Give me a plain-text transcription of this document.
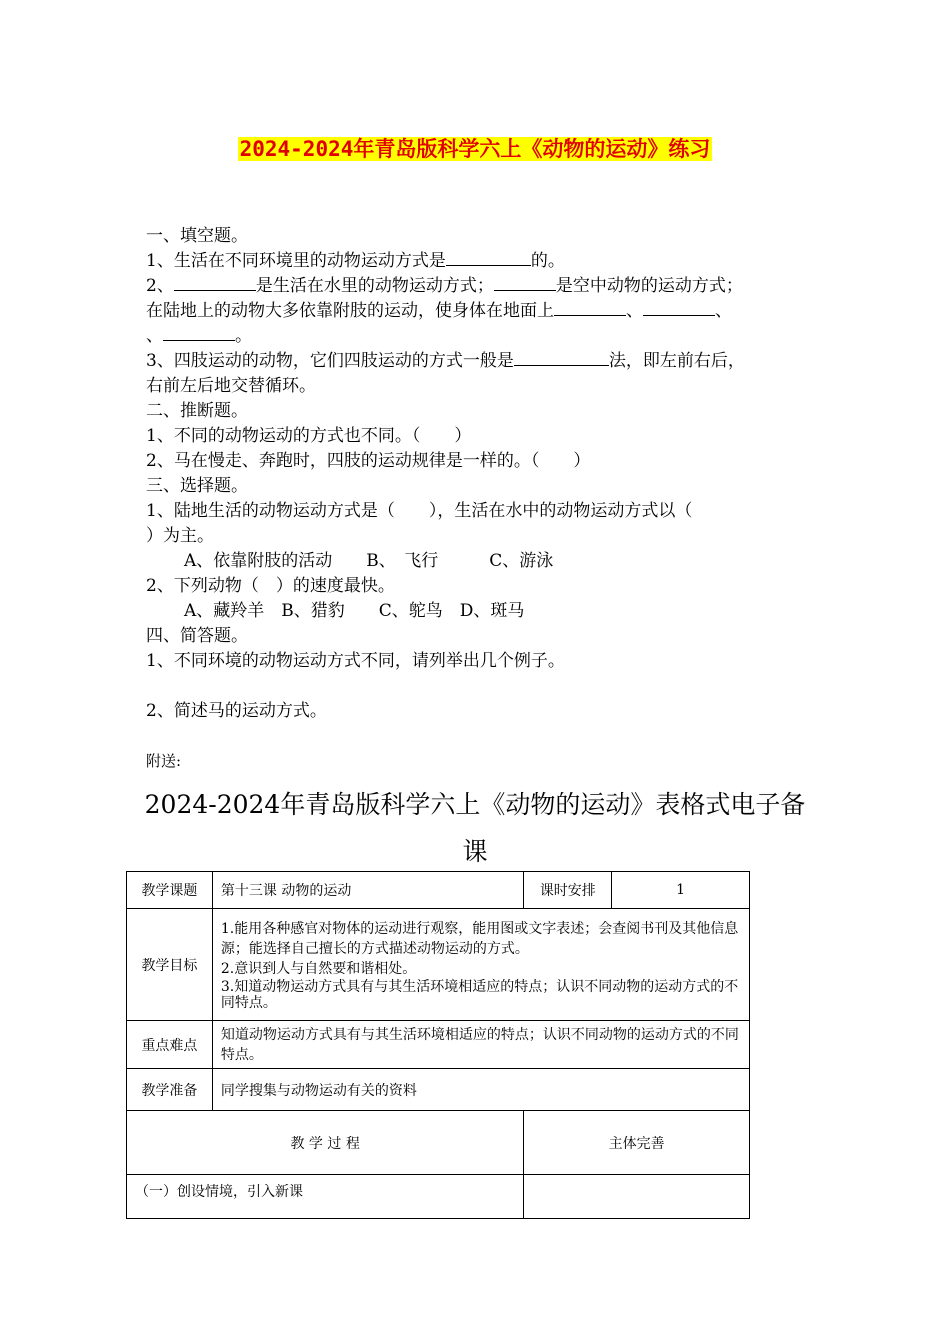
2024-2024年青岛版科学六上《动物的运动》练习
一、填空题。
1、生活在不同环境里的动物运动方式是	的。
2、	是生活在水里的动物运动方式；	是空中动物的运动方式；
在陆地上的动物大多依靠附肢的运动，使身体在地面上	、	、
、	。
3、四肢运动的动物，它们四肢运动的方式一般是	法，即左前右后，
右前左后地交替循环。
二、推断题。
1、不同的动物运动的方式也不同。（　　）
2、马在慢走、奔跑时，四肢的运动规律是一样的。（　　）
三、选择题。
1、陆地生活的动物运动方式是（　　），生活在水中的动物运动方式以（
）为主。
A、依靠附肢的活动　　B、　飞行　　　C、游泳
2、下列动物（　）的速度最快。
A、藏羚羊　B、猎豹　　C、鸵鸟　D、斑马
四、简答题。
1、不同环境的动物运动方式不同，请列举出几个例子。
2、简述马的运动方式。
附送:
2024-2024年青岛版科学六上《动物的运动》表格式电子备
课
教学课题	第十三课 动物的运动	课时安排	1
教学目标	1.能用各种感官对物体的运动进行观察，能用图或文字表述；会查阅书刊及其他信息源；能选择自己擅长的方式描述动物运动的方式。
2.意识到人与自然要和谐相处。
3.知道动物运动方式具有与其生活环境相适应的特点；认识不同动物的运动方式的不同特点。		

重点难点	知道动物运动方式具有与其生活环境相适应的特点；认识不同动物的运动方式的不同特点。		
教学准备	同学搜集与动物运动有关的资料		
教 学 过 程		主体完善	
（一）创设情境，引入新课			
